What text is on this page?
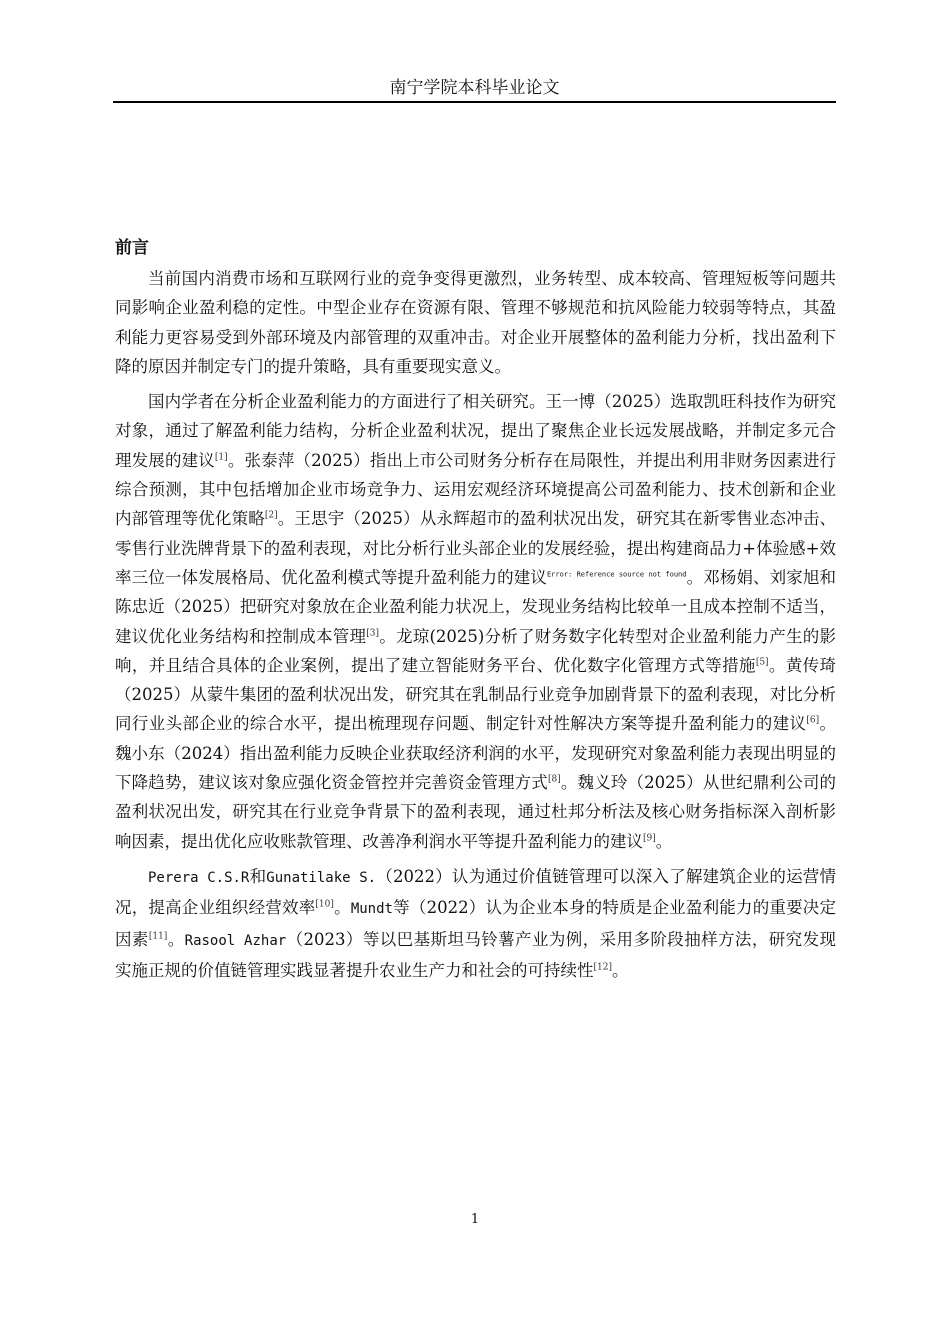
南宁学院本科毕业论文
前言

当前国内消费市场和互联网行业的竞争变得更激烈，业务转型、成本较高、管理短板等问题共同影响企业盈利稳的定性。中型企业存在资源有限、管理不够规范和抗风险能力较弱等特点，其盈利能力更容易受到外部环境及内部管理的双重冲击。对企业开展整体的盈利能力分析，找出盈利下降的原因并制定专门的提升策略，具有重要现实意义。

国内学者在分析企业盈利能力的方面进行了相关研究。王一博（2025）选取凯旺科技作为研究对象，通过了解盈利能力结构，分析企业盈利状况，提出了聚焦企业长远发展战略，并制定多元合理发展的建议[1]。张泰萍（2025）指出上市公司财务分析存在局限性，并提出利用非财务因素进行综合预测，其中包括增加企业市场竞争力、运用宏观经济环境提高公司盈利能力、技术创新和企业内部管理等优化策略[2]。王思宇（2025）从永辉超市的盈利状况出发，研究其在新零售业态冲击、零售行业洗牌背景下的盈利表现，对比分析行业头部企业的发展经验，提出构建商品力+体验感+效率三位一体发展格局、优化盈利模式等提升盈利能力的建议$^{Error: Reference source not found}$。邓杨娟、刘家旭和陈忠近（2025）把研究对象放在企业盈利能力状况上，发现业务结构比较单一且成本控制不适当，建议优化业务结构和控制成本管理[3]。龙琼(2025)分析了财务数字化转型对企业盈利能力产生的影响，并且结合具体的企业案例，提出了建立智能财务平台、优化数字化管理方式等措施[5]。黄传琦（2025）从蒙牛集团的盈利状况出发，研究其在乳制品行业竞争加剧背景下的盈利表现，对比分析同行业头部企业的综合水平，提出梳理现存问题、制定针对性解决方案等提升盈利能力的建议[6]。魏小东（2024）指出盈利能力反映企业获取经济利润的水平，发现研究对象盈利能力表现出明显的下降趋势，建议该对象应强化资金管控并完善资金管理方式[8]。魏义玲（2025）从世纪鼎利公司的盈利状况出发，研究其在行业竞争背景下的盈利表现，通过杜邦分析法及核心财务指标深入剖析影响因素，提出优化应收账款管理、改善净利润水平等提升盈利能力的建议[9]。

Perera C.S.R和Gunatilake S.（2022）认为通过价值链管理可以深入了解建筑企业的运营情况，提高企业组织经营效率[10]。Mundt等（2022）认为企业本身的特质是企业盈利能力的重要决定因素[11]。Rasool Azhar（2023）等以巴基斯坦马铃薯产业为例，采用多阶段抽样方法，研究发现实施正规的价值链管理实践显著提升农业生产力和社会的可持续性[12]。

1
